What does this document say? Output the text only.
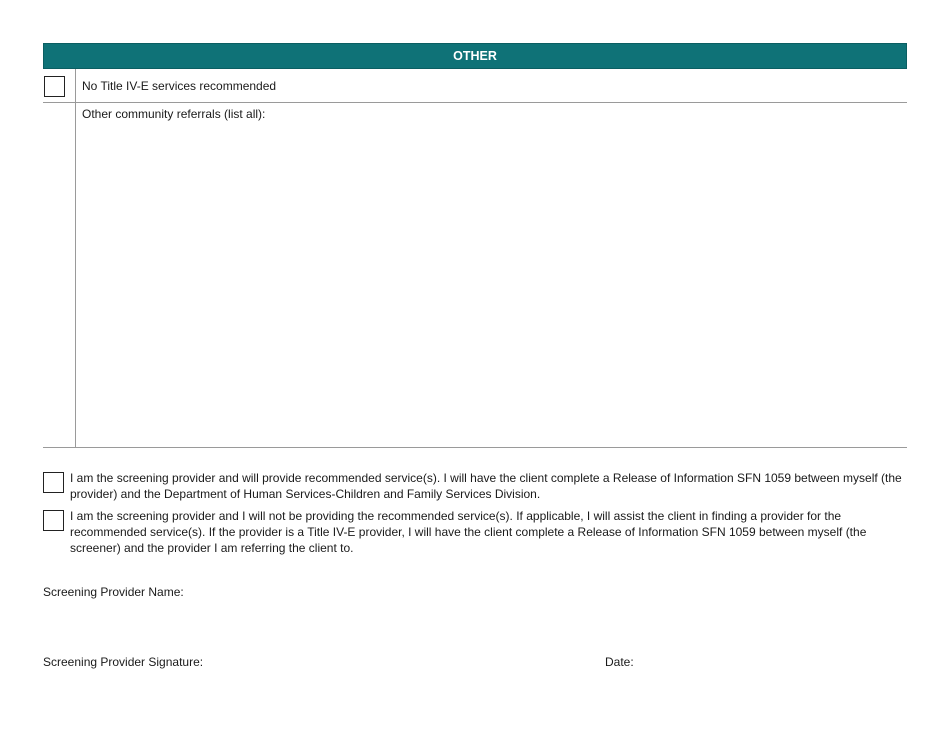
OTHER
No Title IV-E services recommended
Other community referrals (list all):
I am the screening provider and will provide recommended service(s). I will have the client complete a Release of Information SFN 1059 between myself (the provider) and the Department of Human Services-Children and Family Services Division.
I am the screening provider and I will not be providing the recommended service(s). If applicable, I will assist the client in finding a provider for the recommended service(s). If the provider is a Title IV-E provider, I will have the client complete a Release of Information SFN 1059 between myself (the screener) and the provider I am referring the client to.
Screening Provider Name:
Screening Provider Signature:	Date:
